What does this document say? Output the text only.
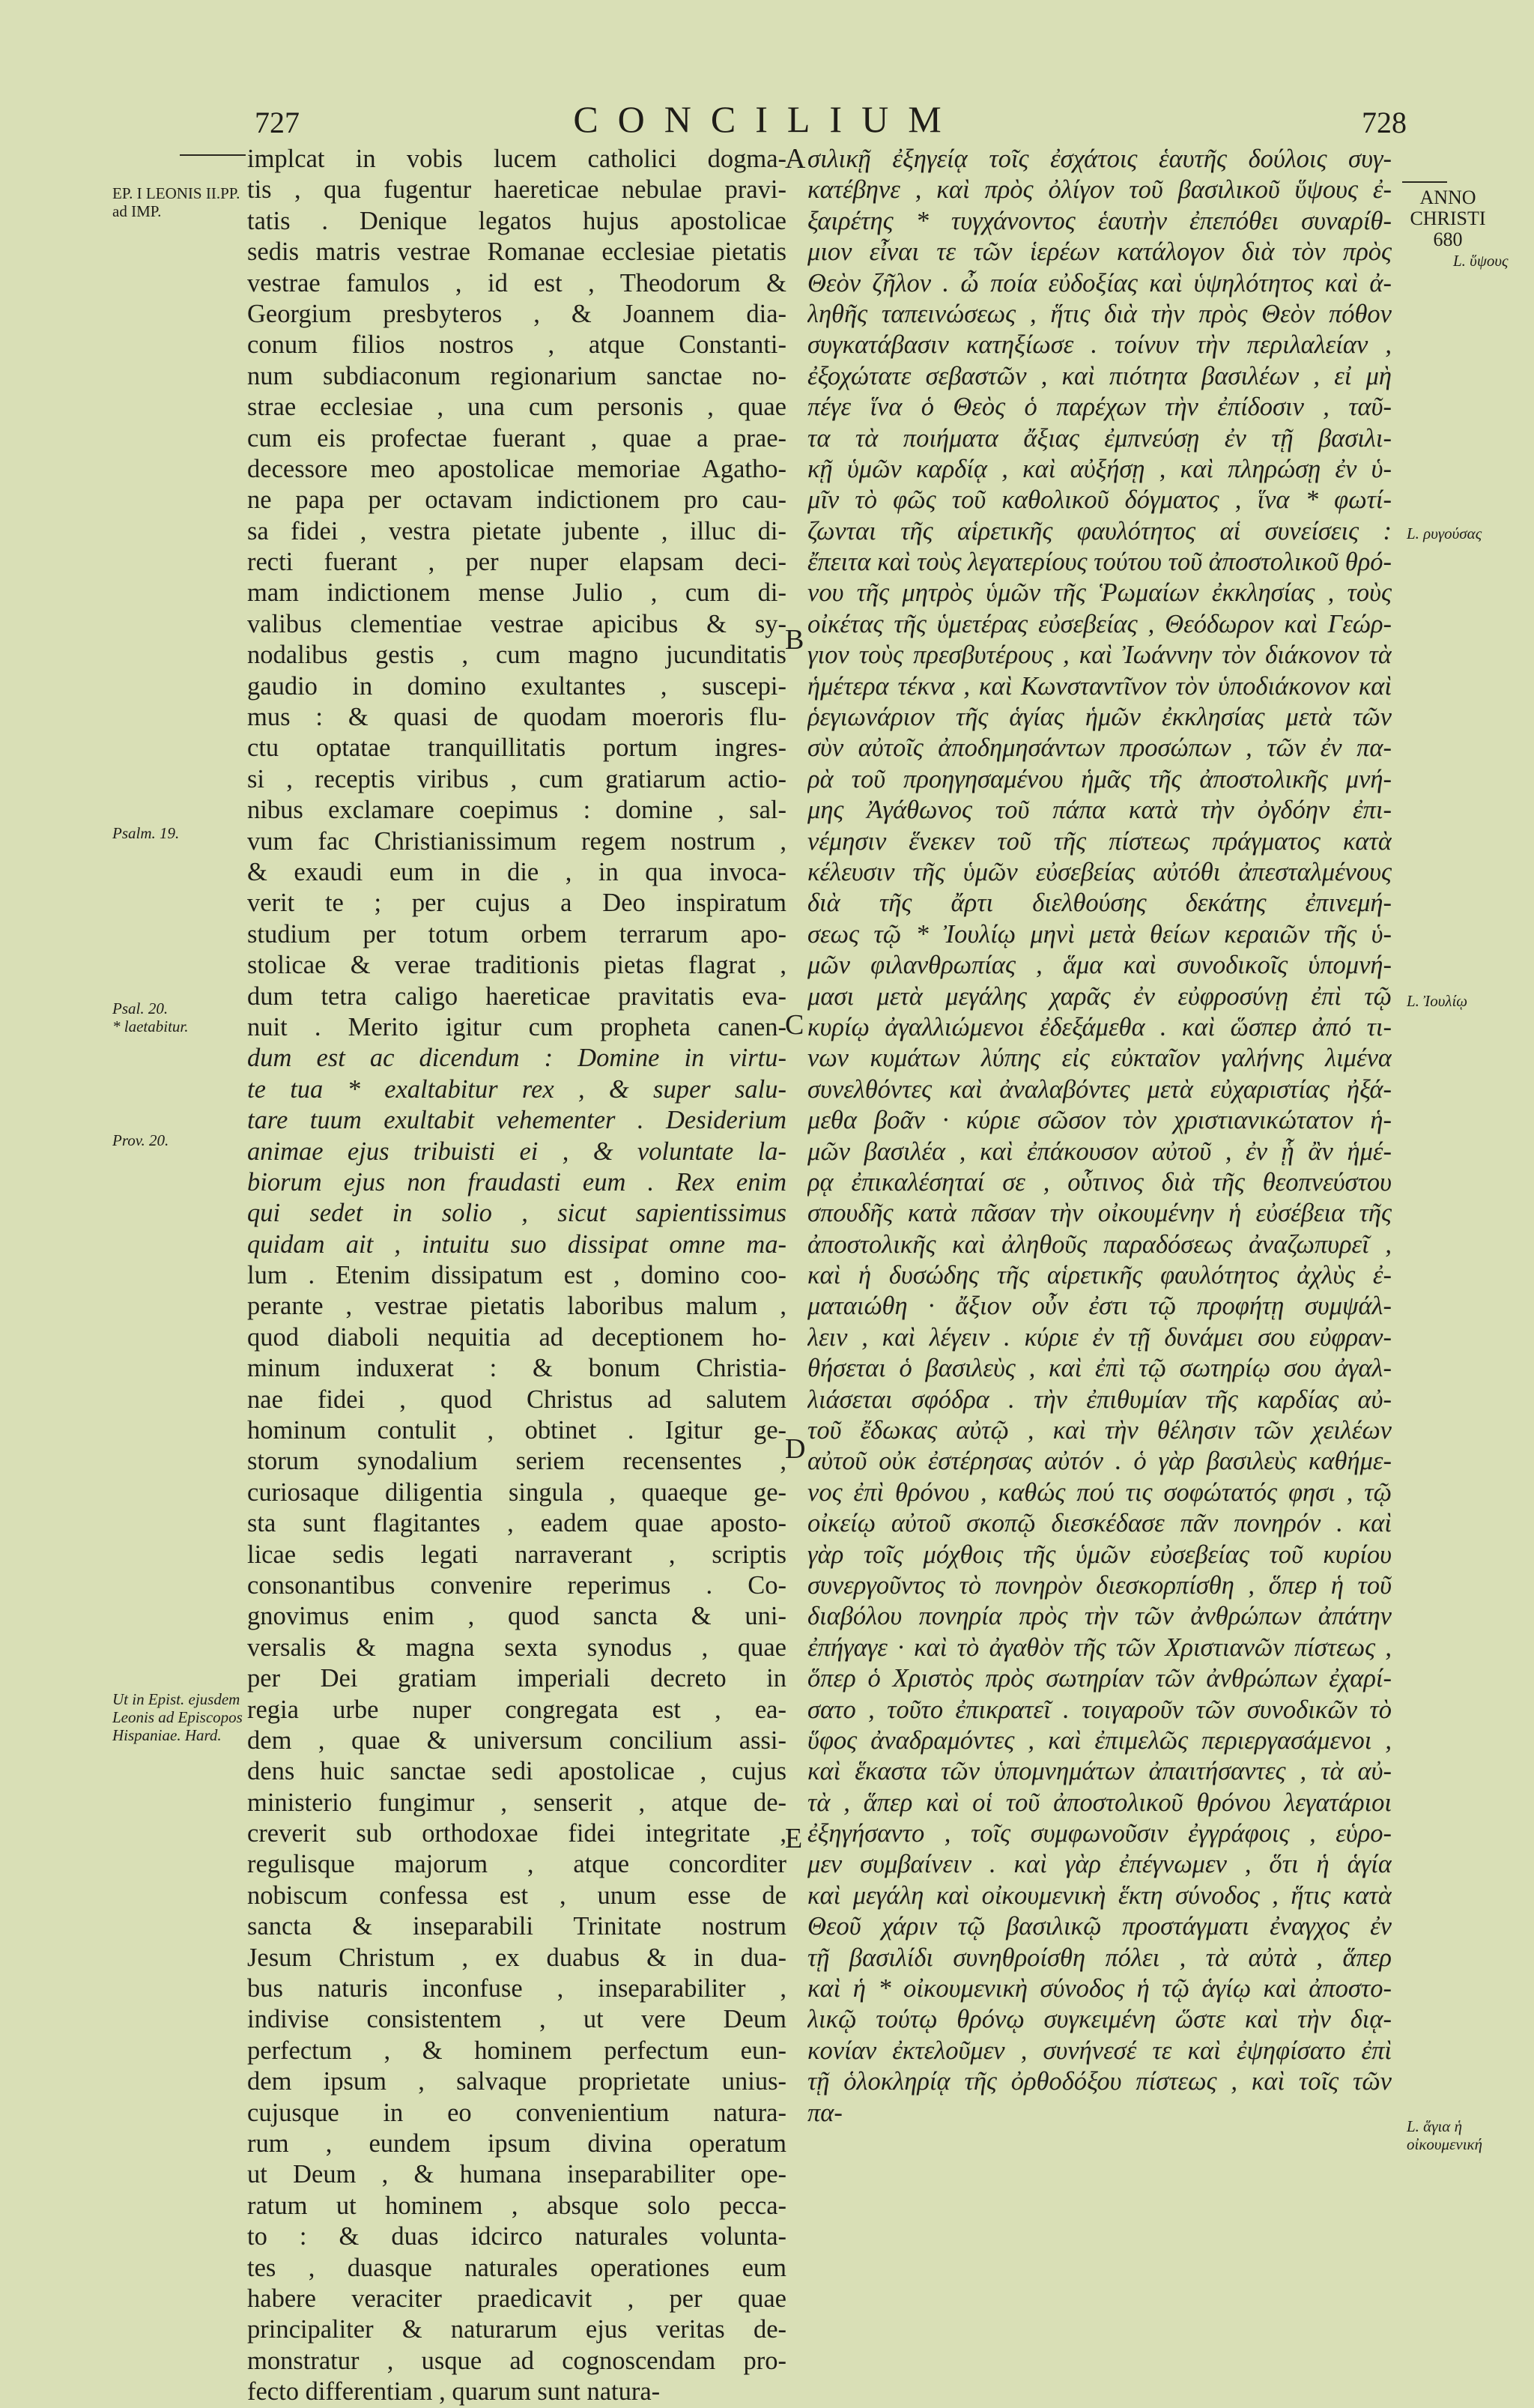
727	CONCILIUM	728
EP. I LEONIS II.PP. ad IMP.
Psalm. 19.
Psal. 20.
* laetabitur.
Prov. 20.
Ut in Epist. ejusdem Leonis ad Episcopos Hispaniae. Hard.
ANNO CHRISTI 680
L. ὕψους
L. ρυγούσας
L. Ἰουλίῳ
L. ἅγια ἡ οἰκουμενική
A
B
C
D
E
implcat in vobis lucem catholici dogma-
tis , qua fugentur haereticae nebulae pravi-
tatis . Denique legatos hujus apostolicae
sedis matris vestrae Romanae ecclesiae pietatis
vestrae famulos , id est , Theodorum &
Georgium presbyteros , & Joannem dia-
conum filios nostros , atque Constanti-
num subdiaconum regionarium sanctae no-
strae ecclesiae , una cum personis , quae
cum eis profectae fuerant , quae a prae-
decessore meo apostolicae memoriae Agatho-
ne papa per octavam indictionem pro cau-
sa fidei , vestra pietate jubente , illuc di-
recti fuerant , per nuper elapsam deci-
mam indictionem mense Julio , cum di-
valibus clementiae vestrae apicibus & sy-
nodalibus gestis , cum magno jucunditatis
gaudio in domino exultantes , suscepi-
mus : & quasi de quodam moeroris flu-
ctu optatae tranquillitatis portum ingres-
si , receptis viribus , cum gratiarum actio-
nibus exclamare coepimus : domine , sal-
vum fac Christianissimum regem nostrum ,
& exaudi eum in die , in qua invoca-
verit te ; per cujus a Deo inspiratum
studium per totum orbem terrarum apo-
stolicae & verae traditionis pietas flagrat ,
dum tetra caligo haereticae pravitatis eva-
nuit . Merito igitur cum propheta canen-
dum est ac dicendum : Domine in virtu-
te tua * exaltabitur rex , & super salu-
tare tuum exultabit vehementer . Desiderium
animae ejus tribuisti ei , & voluntate la-
biorum ejus non fraudasti eum . Rex enim
qui sedet in solio , sicut sapientissimus
quidam ait , intuitu suo dissipat omne ma-
lum . Etenim dissipatum est , domino coo-
perante , vestrae pietatis laboribus malum ,
quod diaboli nequitia ad deceptionem ho-
minum induxerat : & bonum Christia-
nae fidei , quod Christus ad salutem
hominum contulit , obtinet . Igitur ge-
storum synodalium seriem recensentes ,
curiosaque diligentia singula , quaeque ge-
sta sunt flagitantes , eadem quae aposto-
licae sedis legati narraverant , scriptis
consonantibus convenire reperimus . Co-
gnovimus enim , quod sancta & uni-
versalis & magna sexta synodus , quae
per Dei gratiam imperiali decreto in
regia urbe nuper congregata est , ea-
dem , quae & universum concilium assi-
dens huic sanctae sedi apostolicae , cujus
ministerio fungimur , senserit , atque de-
creverit sub orthodoxae fidei integritate ,
regulisque majorum , atque concorditer
nobiscum confessa est , unum esse de
sancta & inseparabili Trinitate nostrum
Jesum Christum , ex duabus & in dua-
bus naturis inconfuse , inseparabiliter ,
indivise consistentem , ut vere Deum
perfectum , & hominem perfectum eun-
dem ipsum , salvaque proprietate unius-
cujusque in eo convenientium natura-
rum , eundem ipsum divina operatum
ut Deum , & humana inseparabiliter ope-
ratum ut hominem , absque solo pecca-
to : & duas idcirco naturales volunta-
tes , duasque naturales operationes eum
habere veraciter praedicavit , per quae
principaliter & naturarum ejus veritas de-
monstratur , usque ad cognoscendam pro-
fecto differentiam , quarum sunt natura-
σιλικῇ ἐξηγείᾳ τοῖς ἐσχάτοις ἑαυτῆς δούλοις συγ-
κατέβηνε , καὶ πρὸς ὀλίγον τοῦ βασιλικοῦ ὕψους ἐ-
ξαιρέτης * τυγχάνοντος ἑαυτὴν ἐπεπόθει συναρίθ-
μιον εἶναι τε τῶν ἱερέων κατάλογον διὰ τὸν πρὸς
Θεὸν ζῆλον . ὦ ποία εὐδοξίας καὶ ὑψηλότητος καὶ ἀ-
ληθῆς ταπεινώσεως , ἥτις διὰ τὴν πρὸς Θεὸν πόθον
συγκατάβασιν κατηξίωσε . τοίνυν τὴν περιλαλείαν ,
ἐξοχώτατε σεβαστῶν , καὶ πιότητα βασιλέων , εἰ μὴ
πέγε ἵνα ὁ Θεὸς ὁ παρέχων τὴν ἐπίδοσιν , ταῦ-
τα τὰ ποιήματα ἄξιας ἐμπνεύσῃ ἐν τῇ βασιλι-
κῇ ὑμῶν καρδίᾳ , καὶ αὐξήσῃ , καὶ πληρώσῃ ἐν ὑ-
μῖν τὸ φῶς τοῦ καθολικοῦ δόγματος , ἵνα * φωτί-
ζωνται τῆς αἱρετικῆς φαυλότητος αἱ συνείσεις :
ἔπειτα καὶ τοὺς λεγατερίους τούτου τοῦ ἀποστολικοῦ θρό-
νου τῆς μητρὸς ὑμῶν τῆς Ῥωμαίων ἐκκλησίας , τοὺς
οἰκέτας τῆς ὑμετέρας εὐσεβείας , Θεόδωρον καὶ Γεώρ-
γιον τοὺς πρεσβυτέρους , καὶ Ἰωάννην τὸν διάκονον τὰ
ἡμέτερα τέκνα , καὶ Κωνσταντῖνον τὸν ὑποδιάκονον καὶ
ῥεγιωνάριον τῆς ἁγίας ἡμῶν ἐκκλησίας μετὰ τῶν
σὺν αὐτοῖς ἀποδημησάντων προσώπων , τῶν ἐν πα-
ρὰ τοῦ προηγησαμένου ἡμᾶς τῆς ἀποστολικῆς μνή-
μης Ἀγάθωνος τοῦ πάπα κατὰ τὴν ὀγδόην ἐπι-
νέμησιν ἕνεκεν τοῦ τῆς πίστεως πράγματος κατὰ
κέλευσιν τῆς ὑμῶν εὐσεβείας αὐτόθι ἀπεσταλμένους
διὰ τῆς ἄρτι διελθούσης δεκάτης ἐπινεμή-
σεως τῷ * Ἰουλίῳ μηνὶ μετὰ θείων κεραιῶν τῆς ὑ-
μῶν φιλανθρωπίας , ἅμα καὶ συνοδικοῖς ὑπομνή-
μασι μετὰ μεγάλης χαρᾶς ἐν εὐφροσύνῃ ἐπὶ τῷ
κυρίῳ ἀγαλλιώμενοι ἐδεξάμεθα . καὶ ὥσπερ ἀπό τι-
νων κυμάτων λύπης εἰς εὐκταῖον γαλήνης λιμένα
συνελθόντες καὶ ἀναλαβόντες μετὰ εὐχαριστίας ἠξά-
μεθα βοᾶν · κύριε σῶσον τὸν χριστιανικώτατον ἡ-
μῶν βασιλέα , καὶ ἐπάκουσον αὐτοῦ , ἐν ᾗ ἂν ἡμέ-
ρᾳ ἐπικαλέσηταί σε , οὗτινος διὰ τῆς θεοπνεύστου
σπουδῆς κατὰ πᾶσαν τὴν οἰκουμένην ἡ εὐσέβεια τῆς
ἀποστολικῆς καὶ ἀληθοῦς παραδόσεως ἀναζωπυρεῖ ,
καὶ ἡ δυσώδης τῆς αἱρετικῆς φαυλότητος ἀχλὺς ἐ-
ματαιώθη · ἄξιον οὖν ἐστι τῷ προφήτῃ συμψάλ-
λειν , καὶ λέγειν . κύριε ἐν τῇ δυνάμει σου εὐφραν-
θήσεται ὁ βασιλεὺς , καὶ ἐπὶ τῷ σωτηρίῳ σου ἀγαλ-
λιάσεται σφόδρα . τὴν ἐπιθυμίαν τῆς καρδίας αὐ-
τοῦ ἔδωκας αὐτῷ , καὶ τὴν θέλησιν τῶν χειλέων
αὐτοῦ οὐκ ἐστέρησας αὐτόν . ὁ γὰρ βασιλεὺς καθήμε-
νος ἐπὶ θρόνου , καθώς πού τις σοφώτατός φησι , τῷ
οἰκείῳ αὐτοῦ σκοπῷ διεσκέδασε πᾶν πονηρόν . καὶ
γὰρ τοῖς μόχθοις τῆς ὑμῶν εὐσεβείας τοῦ κυρίου
συνεργοῦντος τὸ πονηρὸν διεσκορπίσθη , ὅπερ ἡ τοῦ
διαβόλου πονηρία πρὸς τὴν τῶν ἀνθρώπων ἀπάτην
ἐπήγαγε · καὶ τὸ ἀγαθὸν τῆς τῶν Χριστιανῶν πίστεως ,
ὅπερ ὁ Χριστὸς πρὸς σωτηρίαν τῶν ἀνθρώπων ἐχαρί-
σατο , τοῦτο ἐπικρατεῖ . τοιγαροῦν τῶν συνοδικῶν τὸ
ὕφος ἀναδραμόντες , καὶ ἐπιμελῶς περιεργασάμενοι ,
καὶ ἕκαστα τῶν ὑπομνημάτων ἀπαιτήσαντες , τὰ αὐ-
τὰ , ἅπερ καὶ οἱ τοῦ ἀποστολικοῦ θρόνου λεγατάριοι
ἐξηγήσαντο , τοῖς συμφωνοῦσιν ἐγγράφοις , εὑρο-
μεν συμβαίνειν . καὶ γὰρ ἐπέγνωμεν , ὅτι ἡ ἁγία
καὶ μεγάλη καὶ οἰκουμενικὴ ἕκτη σύνοδος , ἥτις κατὰ
Θεοῦ χάριν τῷ βασιλικῷ προστάγματι ἐναγχος ἐν
τῇ βασιλίδι συνηθροίσθη πόλει , τὰ αὐτὰ , ἅπερ
καὶ ἡ * οἰκουμενικὴ σύνοδος ἡ τῷ ἁγίῳ καὶ ἀποστο-
λικῷ τούτῳ θρόνῳ συγκειμένη ὥστε καὶ τὴν διᾳ-
κονίαν ἐκτελοῦμεν , συνήνεσέ τε καὶ ἐψηφίσατο ἐπὶ
τῇ ὁλοκληρίᾳ τῆς ὀρθοδόξου πίστεως , καὶ τοῖς τῶν
πα-
